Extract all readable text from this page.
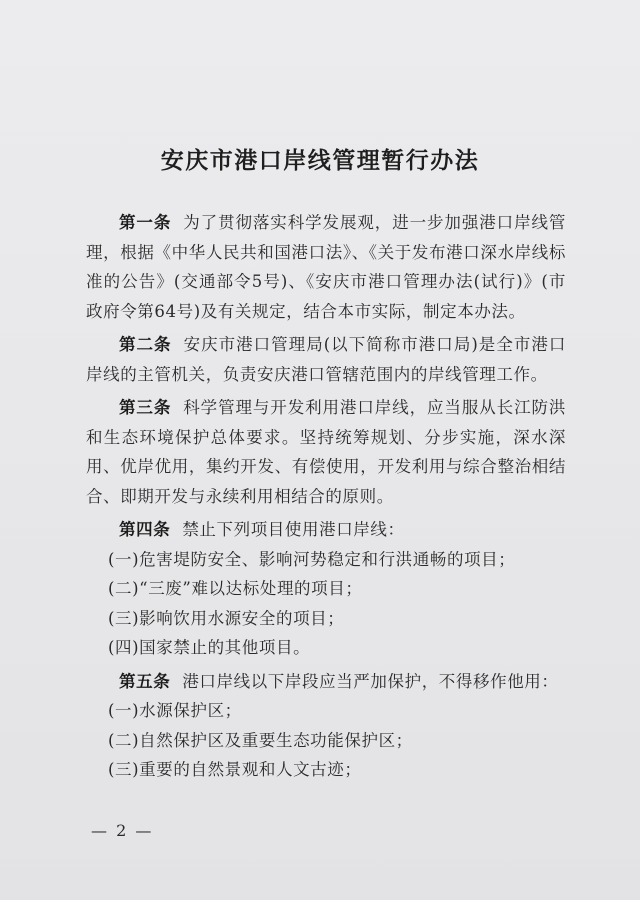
安庆市港口岸线管理暂行办法

第一条 为了贯彻落实科学发展观，进一步加强港口岸线管理，根据《中华人民共和国港口法》、《关于发布港口深水岸线标准的公告》(交通部令5号)、《安庆市港口管理办法(试行)》(市政府令第64号)及有关规定，结合本市实际，制定本办法。

第二条 安庆市港口管理局(以下简称市港口局)是全市港口岸线的主管机关，负责安庆港口管辖范围内的岸线管理工作。

第三条 科学管理与开发利用港口岸线，应当服从长江防洪和生态环境保护总体要求。坚持统筹规划、分步实施，深水深用、优岸优用，集约开发、有偿使用，开发利用与综合整治相结合、即期开发与永续利用相结合的原则。

第四条 禁止下列项目使用港口岸线：

(一)危害堤防安全、影响河势稳定和行洪通畅的项目；

(二)“三废”难以达标处理的项目；

(三)影响饮用水源安全的项目；

(四)国家禁止的其他项目。

第五条 港口岸线以下岸段应当严加保护，不得移作他用：

(一)水源保护区；

(二)自然保护区及重要生态功能保护区；

(三)重要的自然景观和人文古迹；

— 2 —
